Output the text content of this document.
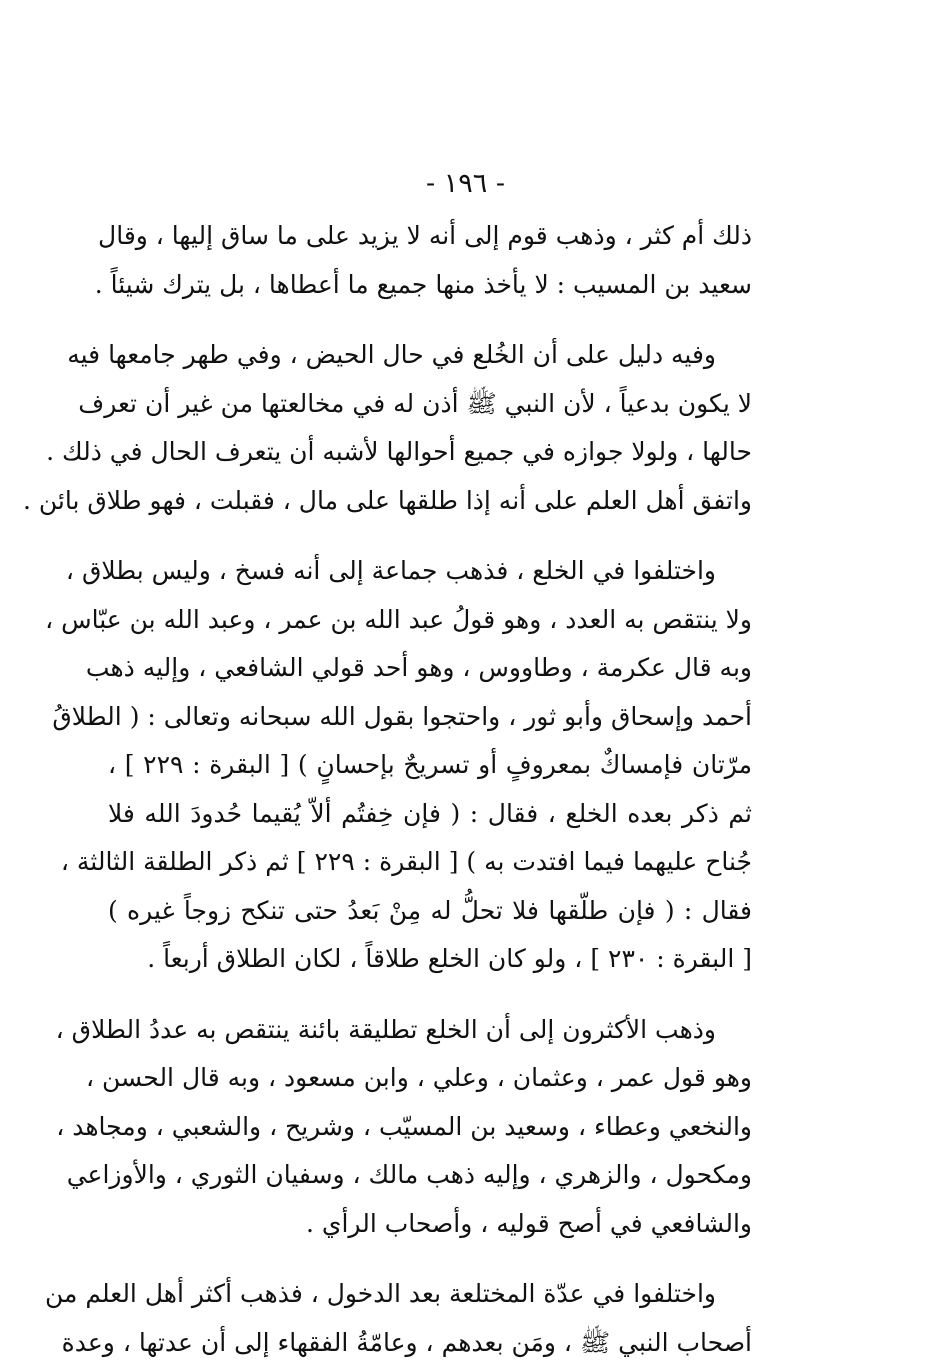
- ١٩٦ -
ذلك أم كثر ، وذهب قوم إلى أنه لا يزيد على ما ساق إليها ، وقال
سعيد بن المسيب : لا يأخذ منها جميع ما أعطاها ، بل يترك شيئاً .
وفيه دليل على أن الخُلع في حال الحيض ، وفي طهر جامعها فيه
لا يكون بدعياً ، لأن النبي ﷺ أذن له في مخالعتها من غير أن تعرف
حالها ، ولولا جوازه في جميع أحوالها لأشبه أن يتعرف الحال في ذلك .
واتفق أهل العلم على أنه إذا طلقها على مال ، فقبلت ، فهو طلاق بائن .
واختلفوا في الخلع ، فذهب جماعة إلى أنه فسخ ، وليس بطلاق ،
ولا ينتقص به العدد ، وهو قولُ عبد الله بن عمر ، وعبد الله بن عبّاس ،
وبه قال عكرمة ، وطاووس ، وهو أحد قولي الشافعي ، وإليه ذهب
أحمد وإسحاق وأبو ثور ، واحتجوا بقول الله سبحانه وتعالى : ( الطلاقُ
مرّتان فإمساكٌ بمعروفٍ أو تسريحٌ بإحسانٍ ) [ البقرة : ٢٢٩ ] ،
ثم ذكر بعده الخلع ، فقال : ( فإن خِفتُم ألاّ يُقيما حُدودَ الله فلا
جُناح عليهما فيما افتدت به ) [ البقرة : ٢٢٩ ] ثم ذكر الطلقة الثالثة ،
فقال : ( فإن طلّقها فلا تحلُّ له مِنْ بَعدُ حتى تنكح زوجاً غيره )
[ البقرة : ٢٣٠ ] ، ولو كان الخلع طلاقاً ، لكان الطلاق أربعاً .
وذهب الأكثرون إلى أن الخلع تطليقة بائنة ينتقص به عددُ الطلاق ،
وهو قول عمر ، وعثمان ، وعلي ، وابن مسعود ، وبه قال الحسن ،
والنخعي وعطاء ، وسعيد بن المسيّب ، وشريح ، والشعبي ، ومجاهد ،
ومكحول ، والزهري ، وإليه ذهب مالك ، وسفيان الثوري ، والأوزاعي
والشافعي في أصح قوليه ، وأصحاب الرأي .
واختلفوا في عدّة المختلعة بعد الدخول ، فذهب أكثر أهل العلم من
أصحاب النبي ﷺ ، ومَن بعدهم ، وعامّةُ الفقهاء إلى أن عدتها ، وعدة
